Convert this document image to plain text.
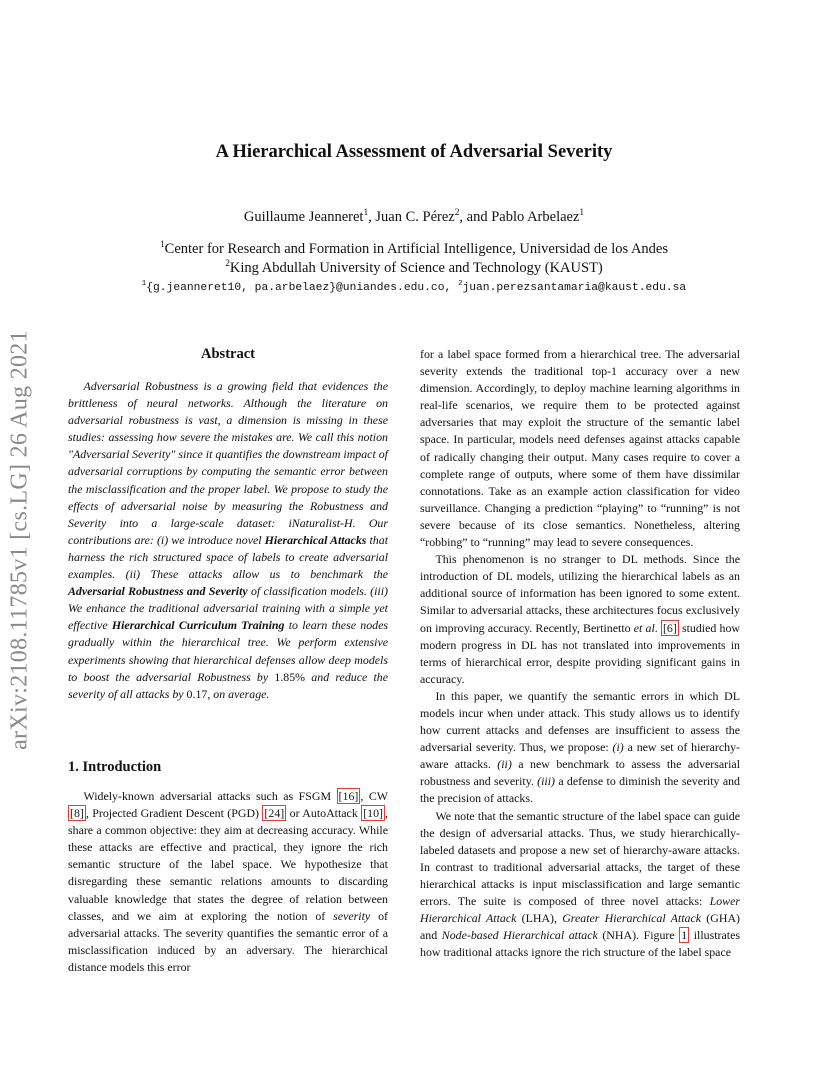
arXiv:2108.11785v1 [cs.LG] 26 Aug 2021
A Hierarchical Assessment of Adversarial Severity
Guillaume Jeanneret$^1$, Juan C. Pérez$^2$, and Pablo Arbelaez$^1$
$^1$Center for Research and Formation in Artificial Intelligence, Universidad de los Andes
$^2$King Abdullah University of Science and Technology (KAUST)
$^1${g.jeanneret10, pa.arbelaez}@uniandes.edu.co, $^2$juan.perezsantamaria@kaust.edu.sa
Abstract

Adversarial Robustness is a growing field that evidences the brittleness of neural networks. Although the literature on adversarial robustness is vast, a dimension is missing in these studies: assessing how severe the mistakes are. We call this notion "Adversarial Severity" since it quantifies the downstream impact of adversarial corruptions by computing the semantic error between the misclassification and the proper label. We propose to study the effects of adversarial noise by measuring the Robustness and Severity into a large-scale dataset: iNaturalist-H. Our contributions are: (i) we introduce novel Hierarchical Attacks that harness the rich structured space of labels to create adversarial examples. (ii) These attacks allow us to benchmark the Adversarial Robustness and Severity of classification models. (iii) We enhance the traditional adversarial training with a simple yet effective Hierarchical Curriculum Training to learn these nodes gradually within the hierarchical tree. We perform extensive experiments showing that hierarchical defenses allow deep models to boost the adversarial Robustness by 1.85% and reduce the severity of all attacks by 0.17, on average.

1. Introduction

Widely-known adversarial attacks such as FSGM [16] , CW [8] , Projected Gradient Descent (PGD) [24] or AutoAttack [10] , share a common objective: they aim at decreasing accuracy. While these attacks are effective and practical, they ignore the rich semantic structure of the label space. We hypothesize that disregarding these semantic relations amounts to discarding valuable knowledge that states the degree of relation between classes, and we aim at exploring the notion of severity of adversarial attacks. The severity quantifies the semantic error of a misclassification induced by an adversary. The hierarchical distance models this error

for a label space formed from a hierarchical tree. The adversarial severity extends the traditional top-1 accuracy over a new dimension. Accordingly, to deploy machine learning algorithms in real-life scenarios, we require them to be protected against adversaries that may exploit the structure of the semantic label space. In particular, models need defenses against attacks capable of radically changing their output. Many cases require to cover a complete range of outputs, where some of them have dissimilar connotations. Take as an example action classification for video surveillance. Changing a prediction “playing” to “running” is not severe because of its close semantics. Nonetheless, altering “robbing” to “running” may lead to severe consequences.

This phenomenon is no stranger to DL methods. Since the introduction of DL models, utilizing the hierarchical labels as an additional source of information has been ignored to some extent. Similar to adversarial attacks, these architectures focus exclusively on improving accuracy. Recently, Bertinetto et al. [6] studied how modern progress in DL has not translated into improvements in terms of hierarchical error, despite providing significant gains in accuracy.

In this paper, we quantify the semantic errors in which DL models incur when under attack. This study allows us to identify how current attacks and defenses are insufficient to assess the adversarial severity. Thus, we propose: (i) a new set of hierarchy-aware attacks. (ii) a new benchmark to assess the adversarial robustness and severity. (iii) a defense to diminish the severity and the precision of attacks.

We note that the semantic structure of the label space can guide the design of adversarial attacks. Thus, we study hierarchically-labeled datasets and propose a new set of hierarchy-aware attacks. In contrast to traditional adversarial attacks, the target of these hierarchical attacks is input misclassification and large semantic errors. The suite is composed of three novel attacks: Lower Hierarchical Attack (LHA), Greater Hierarchical Attack (GHA) and Node-based Hierarchical attack (NHA). Figure 1 illustrates how traditional attacks ignore the rich structure of the label space
